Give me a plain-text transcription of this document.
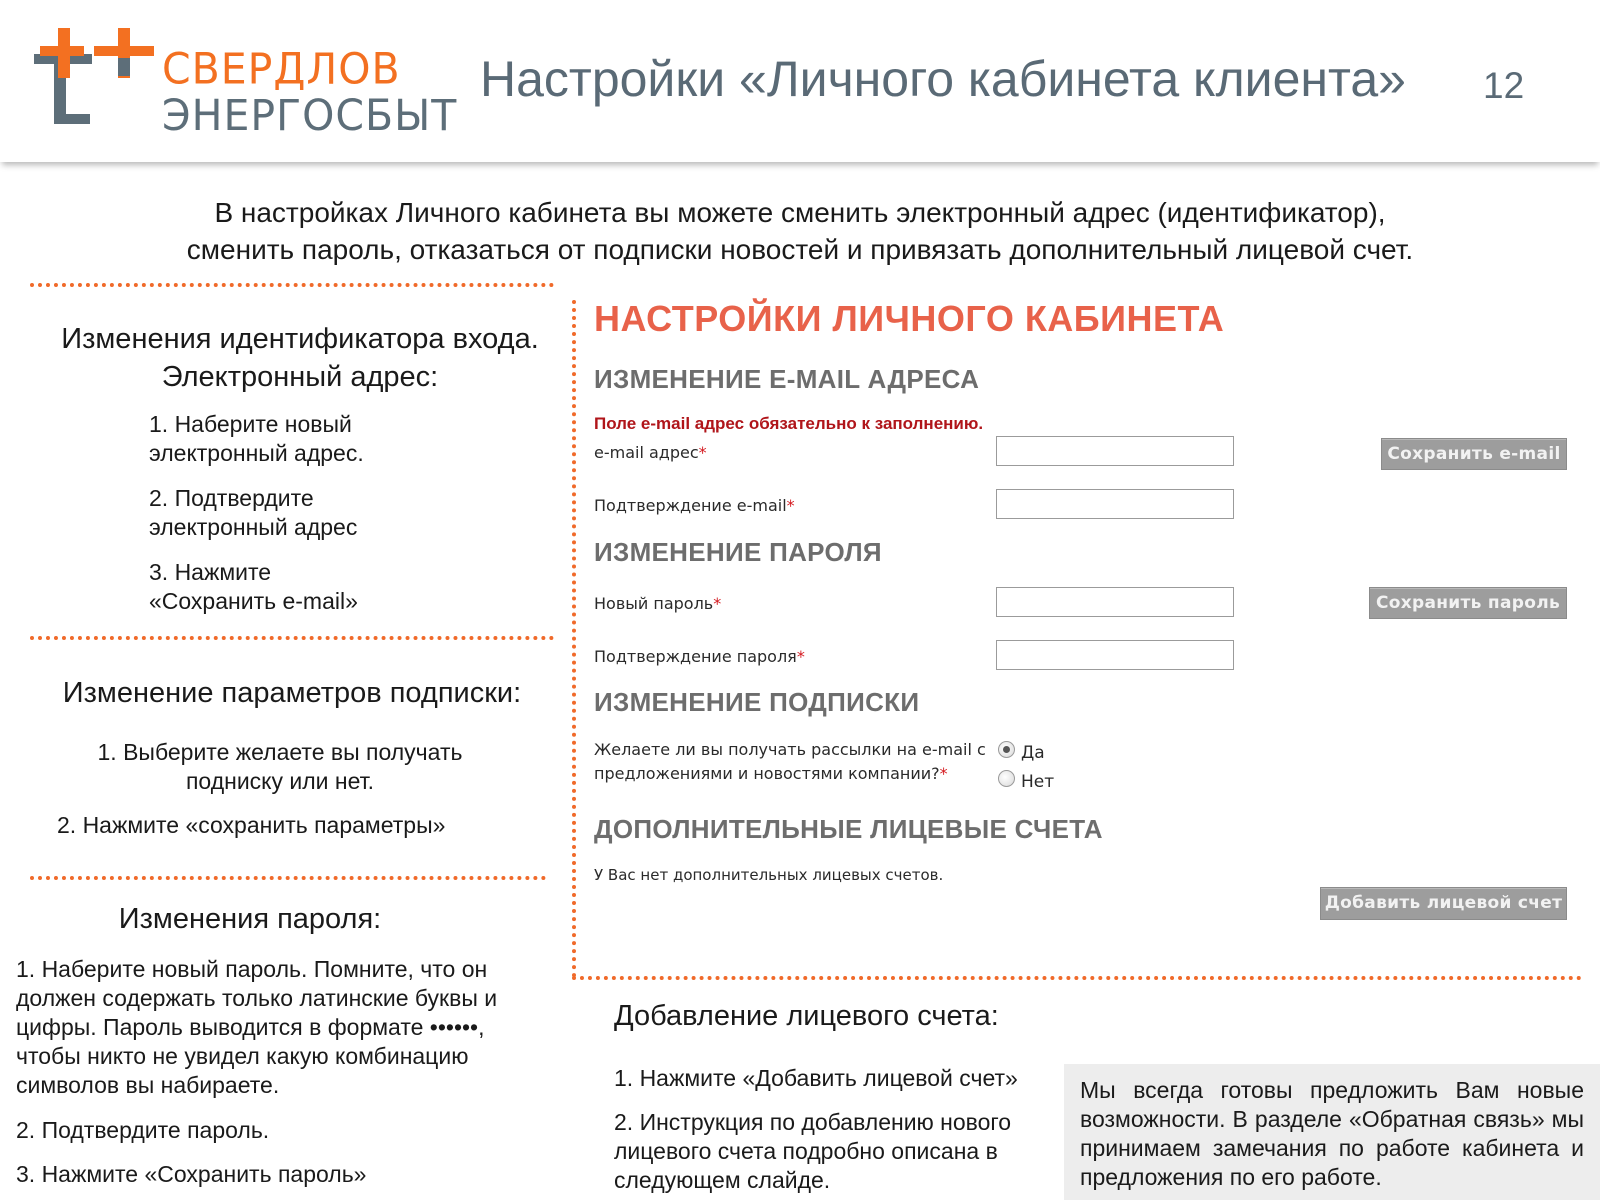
СВЕРДЛОВ
ЭНЕРГОСБЫТ
Настройки «Личного кабинета клиента» 12
В настройках Личного кабинета вы можете сменить электронный адрес (идентификатор),
сменить пароль, отказаться от подписки новостей и привязать дополнительный лицевой счет.
Изменения идентификатора входа.
Электронный адрес:
1. Наберите новый
электронный адрес.
2. Подтвердите
электронный адрес
3. Нажмите
«Сохранить e-mail»
Изменение параметров подписки:
1. Выберите желаете вы получать
подниску или нет.
2. Нажмите «сохранить параметры»
Изменения пароля:
1. Наберите новый пароль. Помните, что он
должен содержать только латинские буквы и
цифры. Пароль выводится в формате ••••••,
чтобы никто не увидел какую комбинацию
символов вы набираете.
2. Подтвердите пароль.
3. Нажмите «Сохранить пароль»
НАСТРОЙКИ ЛИЧНОГО КАБИНЕТА
ИЗМЕНЕНИЕ E-MAIL АДРЕСА
Поле e-mail адрес обязательно к заполнению.
e-mail адрес*	Сохранить e-mail
Подтверждение e-mail*
ИЗМЕНЕНИЕ ПАРОЛЯ
Новый пароль*	Сохранить пароль
Подтверждение пароля*
ИЗМЕНЕНИЕ ПОДПИСКИ
Желаете ли вы получать рассылки на e-mail с
предложениями и новостями компании?*
Да
Нет
ДОПОЛНИТЕЛЬНЫЕ ЛИЦЕВЫЕ СЧЕТА
У Вас нет дополнительных лицевых счетов.
Добавить лицевой счет
Добавление лицевого счета:
1. Нажмите «Добавить лицевой счет»
2. Инструкция по добавлению нового
лицевого счета подробно описана в
следующем слайде.
Мы всегда готовы предложить Вам новые возможности. В разделе «Обратная связь» мы принимаем замечания по работе кабинета и предложения по его работе.
